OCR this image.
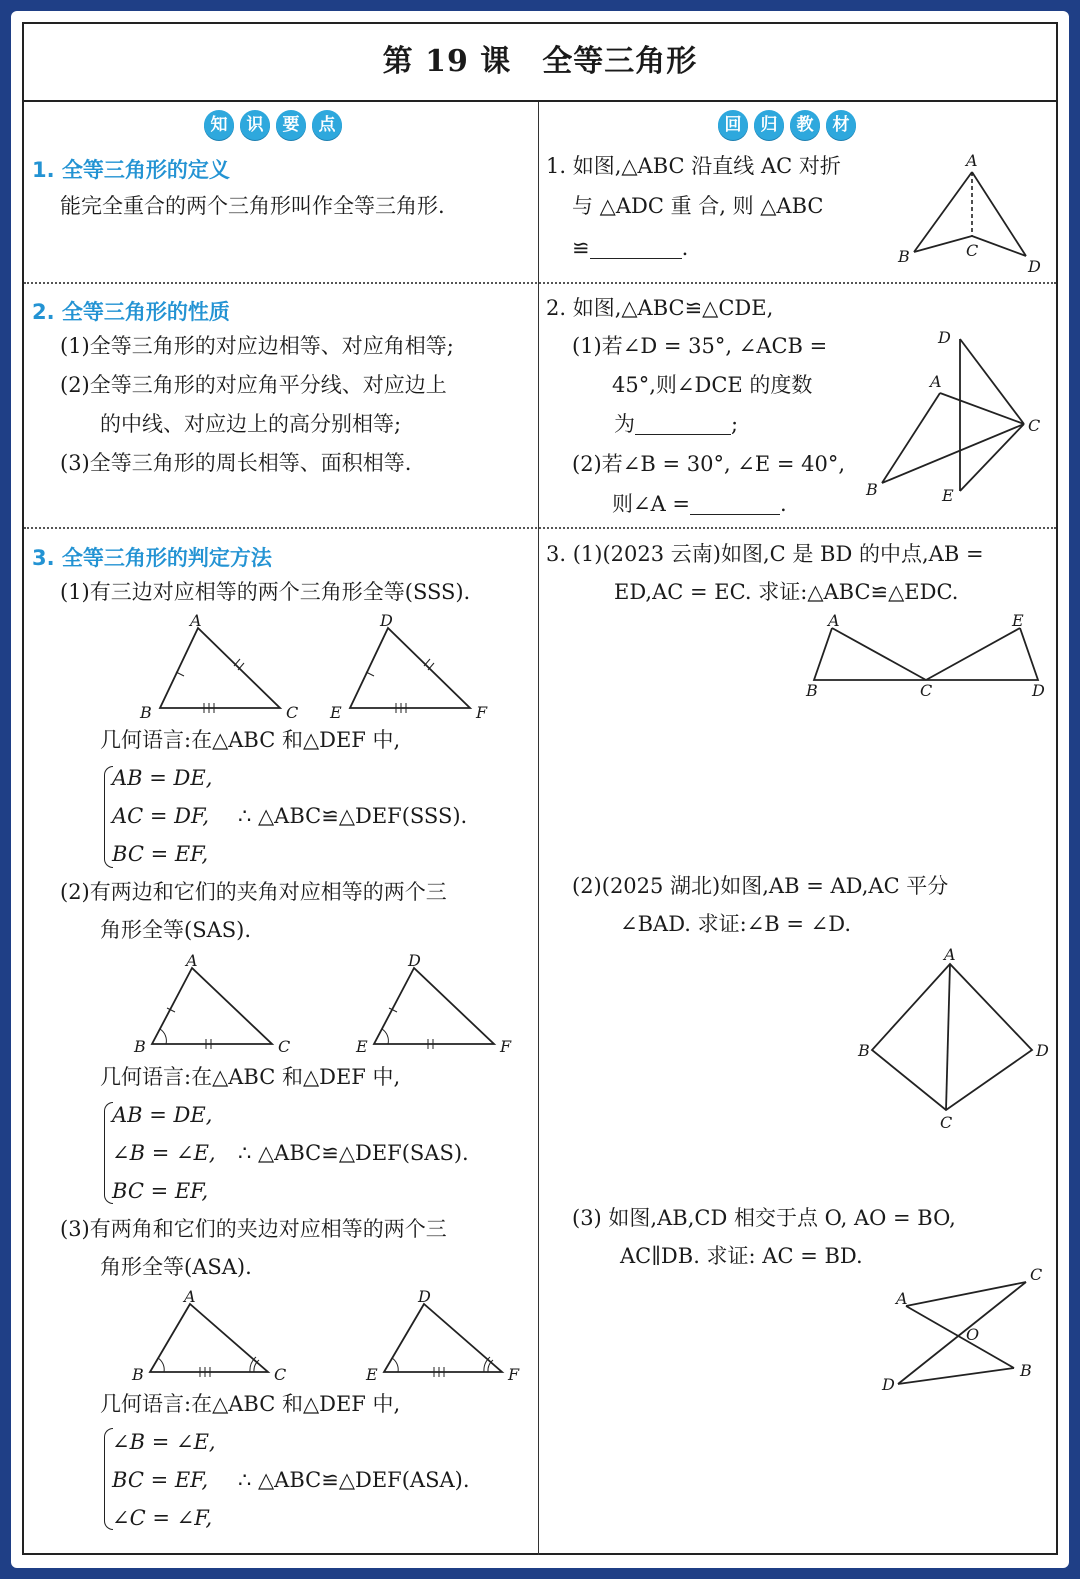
第 19 课　全等三角形
知	识	要	点	回	归	教	材
1. 全等三角形的定义
能完全重合的两个三角形叫作全等三角形.
2. 全等三角形的性质
(1)全等三角形的对应边相等、对应角相等;
(2)全等三角形的对应角平分线、对应边上
的中线、对应边上的高分别相等;
(3)全等三角形的周长相等、面积相等.
3. 全等三角形的判定方法
(1)有三边对应相等的两个三角形全等(SSS).
A
B	C
D
E	F
几何语言:在△ABC 和△DEF 中,
AB = DE,
AC = DF, ∴ △ABC≌△DEF(SSS).
BC = EF,
(2)有两边和它们的夹角对应相等的两个三
角形全等(SAS).
A
B	C
D
E	F
几何语言:在△ABC 和△DEF 中,
AB = DE,
∠B = ∠E, ∴ △ABC≌△DEF(SAS).
BC = EF,
(3)有两角和它们的夹边对应相等的两个三
角形全等(ASA).
A
B	C
D
E	F
几何语言:在△ABC 和△DEF 中,
∠B = ∠E,
BC = EF, ∴ △ABC≌△DEF(ASA).
∠C = ∠F,
1. 如图,△ABC 沿直线 AC 对折
与 △ADC 重 合, 则 △ABC
≌	.
A
B	C
D
2. 如图,△ABC≌△CDE,
(1)若∠D = 35°, ∠ACB =
45°,则∠DCE 的度数
为	;
(2)若∠B = 30°, ∠E = 40°,
则∠A =	.
D
A
C
B	E
3. (1)(2023 云南)如图,C 是 BD 的中点,AB =
ED,AC = EC. 求证:△ABC≌△EDC.
A
B	C	D
E
(2)(2025 湖北)如图,AB = AD,AC 平分
∠BAD. 求证:∠B = ∠D.
A
B
C
D
(3) 如图,AB,CD 相交于点 O, AO = BO,
AC∥DB. 求证: AC = BD.
A
C
O
B
D
